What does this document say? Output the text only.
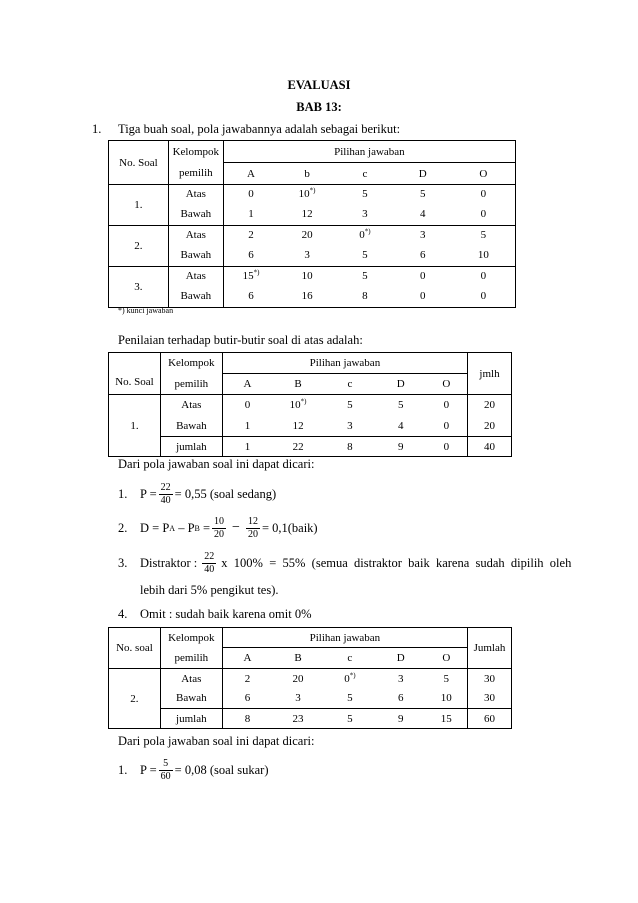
EVALUASI
BAB 13:
1. Tiga buah soal, pola jawabannya adalah sebagai berikut:
No. Soal	Kelompok	Pilihan jawaban				
	pemilih	A	b	c	D	O
1.	Atas	0	10*)	5	5	0
	Bawah	1	12	3	4	0
2.	Atas	2	20	0*)	3	5
	Bawah	6	3	5	6	10
3.	Atas	15*)	10	5	0	0
	Bawah	6	16	8	0	0
*) kunci jawaban
Penilaian terhadap butir-butir soal di atas adalah:
No. Soal	Kelompok	Pilihan jawaban					jmlh
	pemilih	A	B	c	D	O	
1.	Atas	0	10*)	5	5	0	20
	Bawah	1	12	3	4	0	20
	jumlah	1	22	8	9	0	40
Dari pola jawaban soal ini dapat dicari:
1.	$P = \frac{22}{40} = 0,55$ (soal sedang)
2.	D = P A – P $B = \frac{10}{20} - \frac{12}{20}$ = 0,1(baik)
3.	Distraktor : $\frac{22}{40}$ x  100%  =  55%  (semua  distraktor  baik  karena  sudah  dipilih  oleh
lebih dari 5% pengikut tes).
4. Omit : sudah baik karena omit 0%
No. soal	Kelompok	Pilihan jawaban					Jumlah
	pemilih	A	B	c	D	O	
2.	Atas	2	20	0*)	3	5	30
	Bawah	6	3	5	6	10	30
	jumlah	8	23	5	9	15	60
Dari pola jawaban soal ini dapat dicari:
1.	$P = \frac{5}{60} = 0,08$ (soal sukar)
